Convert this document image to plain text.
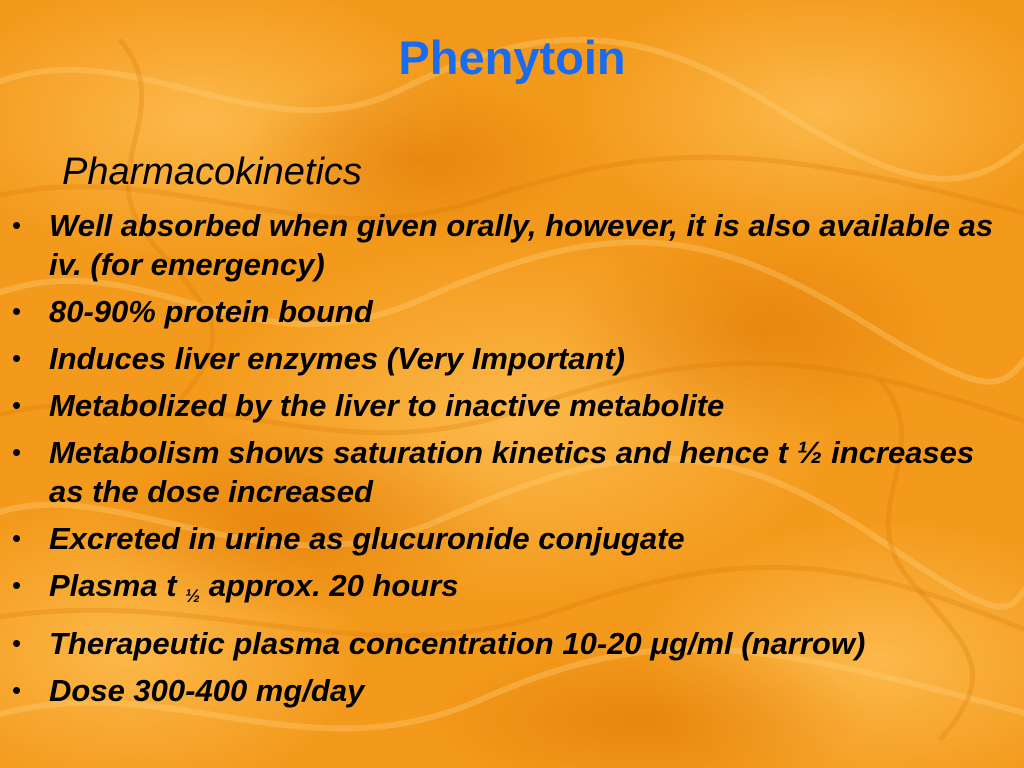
Phenytoin
Pharmacokinetics
• Well absorbed when given orally, however, it is also available as iv. (for emergency)
• 80-90% protein bound
• Induces liver enzymes (Very Important)
• Metabolized by the liver to inactive metabolite
• Metabolism shows saturation kinetics and hence t ½ increases as the dose increased
• Excreted in urine as glucuronide conjugate
• Plasma t ½ approx. 20 hours
• Therapeutic plasma concentration 10-20 μg/ml (narrow)
• Dose 300-400 mg/day
